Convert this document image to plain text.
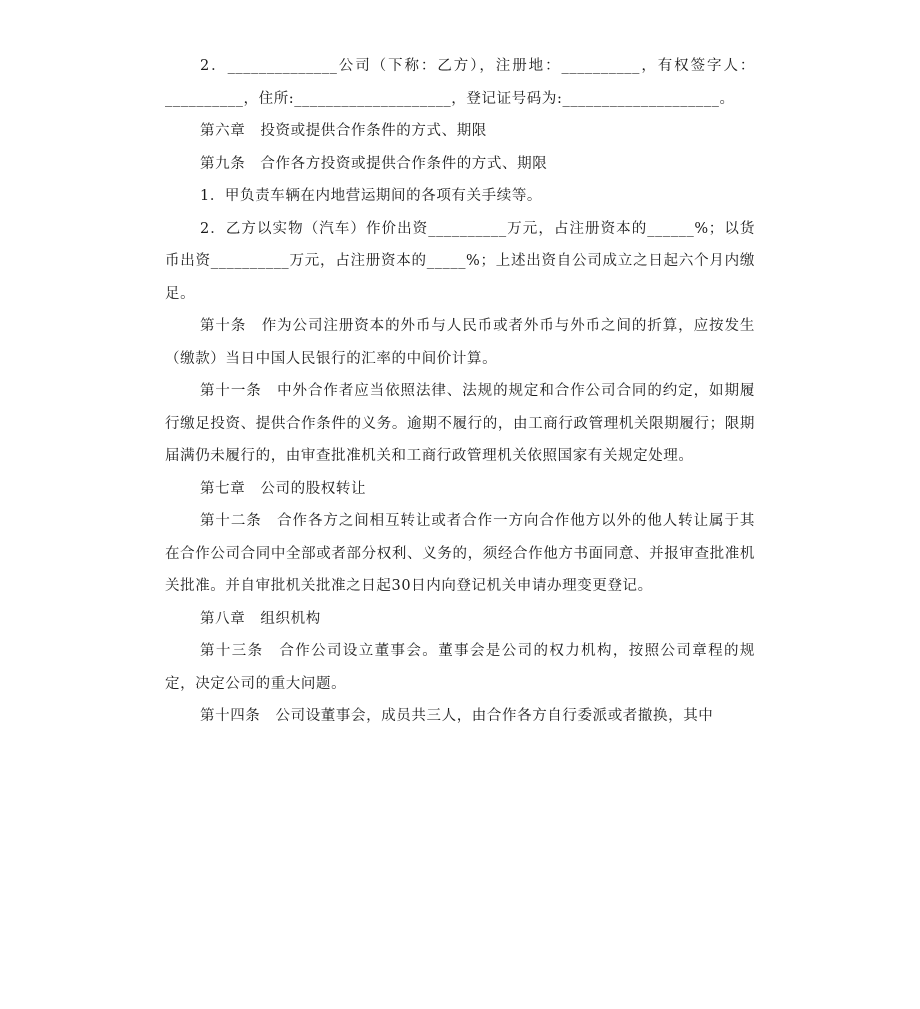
2．______________公司（下称：乙方），注册地：__________，有权签字人：__________，住所:____________________，登记证号码为:____________________。

第六章　投资或提供合作条件的方式、期限

第九条　合作各方投资或提供合作条件的方式、期限

1．甲负责车辆在内地营运期间的各项有关手续等。

2．乙方以实物（汽车）作价出资__________万元，占注册资本的______%；以货币出资__________万元，占注册资本的_____%；上述出资自公司成立之日起六个月内缴足。

第十条　作为公司注册资本的外币与人民币或者外币与外币之间的折算，应按发生（缴款）当日中国人民银行的汇率的中间价计算。

第十一条　中外合作者应当依照法律、法规的规定和合作公司合同的约定，如期履行缴足投资、提供合作条件的义务。逾期不履行的，由工商行政管理机关限期履行；限期届满仍未履行的，由审查批准机关和工商行政管理机关依照国家有关规定处理。

第七章　公司的股权转让

第十二条　合作各方之间相互转让或者合作一方向合作他方以外的他人转让属于其在合作公司合同中全部或者部分权利、义务的，须经合作他方书面同意、并报审查批准机关批准。并自审批机关批准之日起30日内向登记机关申请办理变更登记。

第八章　组织机构

第十三条　合作公司设立董事会。董事会是公司的权力机构，按照公司章程的规定，决定公司的重大问题。

第十四条　公司设董事会，成员共三人，由合作各方自行委派或者撤换，其中
